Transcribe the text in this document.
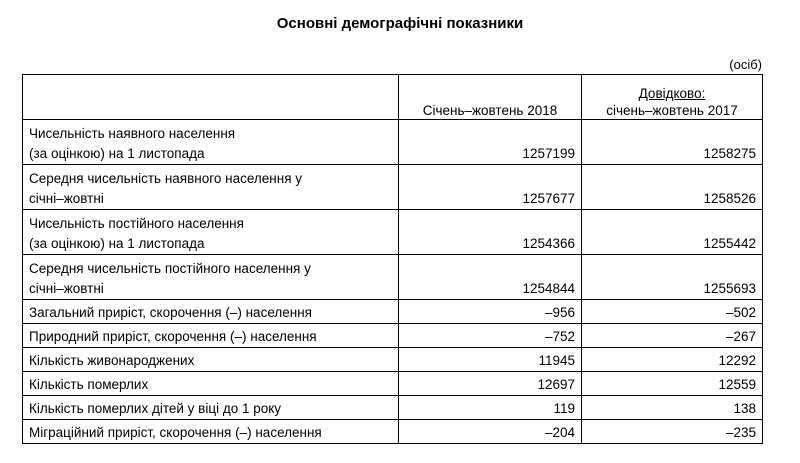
Основні демографічні показники
(осіб)
	Січень–жовтень 2018	Довідково:
січень–жовтень 2017
Чисельність наявного населення
(за оцінкою) на 1 листопада	1257199	1258275
Середня чисельність наявного населення у
січні–жовтні	1257677	1258526
Чисельність постійного населення
(за оцінкою) на 1 листопада	1254366	1255442
Середня чисельність постійного населення у
січні–жовтні	1254844	1255693
Загальний приріст, скорочення (–) населення	–956	–502
Природний приріст, скорочення (–) населення	–752	–267
Кількість живонароджених	11945	12292
Кількість померлих	12697	12559
Кількість померлих дітей у віці до 1 року	119	138
Міграційний приріст, скорочення (–) населення	–204	–235
